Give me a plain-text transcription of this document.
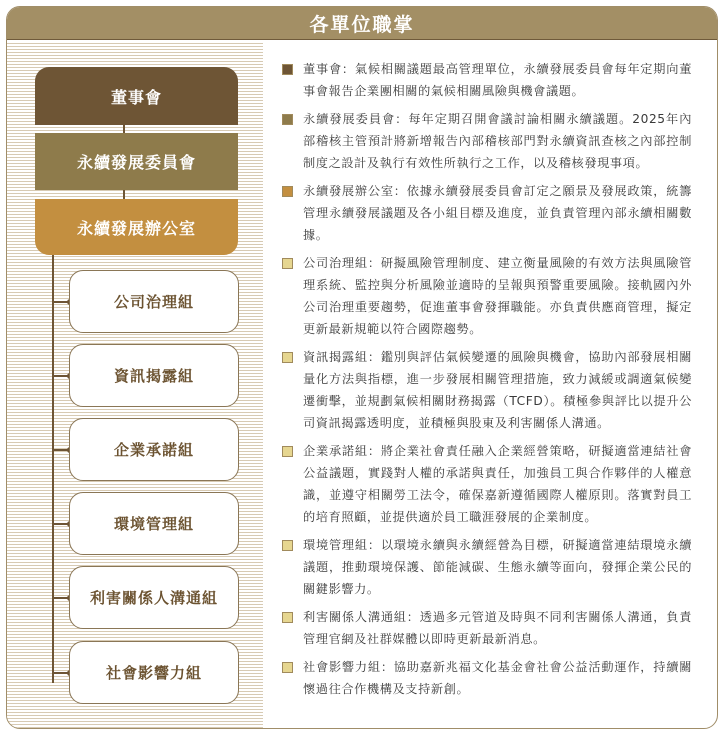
各單位職掌
董事會
永續發展委員會
永續發展辦公室
公司治理組
資訊揭露組
企業承諾組
環境管理組
利害關係人溝通組
社會影響力組
董事會：氣候相關議題最高管理單位，永續發展委員會每年定期向董事會報告企業團相關的氣候相關風險與機會議題。
永續發展委員會：每年定期召開會議討論相關永續議題。2025年內部稽核主管預計將新增報告內部稽核部門對永續資訊查核之內部控制制度之設計及執行有效性所執行之工作，以及稽核發現事項。
永續發展辦公室：依據永續發展委員會訂定之願景及發展政策，統籌管理永續發展議題及各小組目標及進度，並負責管理內部永續相關數據。
公司治理組：研擬風險管理制度、建立衡量風險的有效方法與風險管理系統、監控與分析風險並適時的呈報與預警重要風險。接軌國內外公司治理重要趨勢，促進董事會發揮職能。亦負責供應商管理，擬定更新最新規範以符合國際趨勢。
資訊揭露組：鑑別與評估氣候變遷的風險與機會，協助內部發展相關量化方法與指標，進一步發展相關管理措施，致力減緩或調適氣候變遷衝擊，並規劃氣候相關財務揭露（TCFD）。積極參與評比以提升公司資訊揭露透明度，並積極與股東及利害關係人溝通。
企業承諾組：將企業社會責任融入企業經營策略，研擬適當連結社會公益議題，實踐對人權的承諾與責任，加強員工與合作夥伴的人權意識，並遵守相關勞工法令，確保嘉新遵循國際人權原則。落實對員工的培育照顧，並提供適於員工職涯發展的企業制度。
環境管理組：以環境永續與永續經營為目標，研擬適當連結環境永續議題，推動環境保護、節能減碳、生態永續等面向，發揮企業公民的關鍵影響力。
利害關係人溝通組：透過多元管道及時與不同利害關係人溝通，負責管理官網及社群媒體以即時更新最新消息。
社會影響力組：協助嘉新兆福文化基金會社會公益活動運作，持續關懷過往合作機構及支持新創。
